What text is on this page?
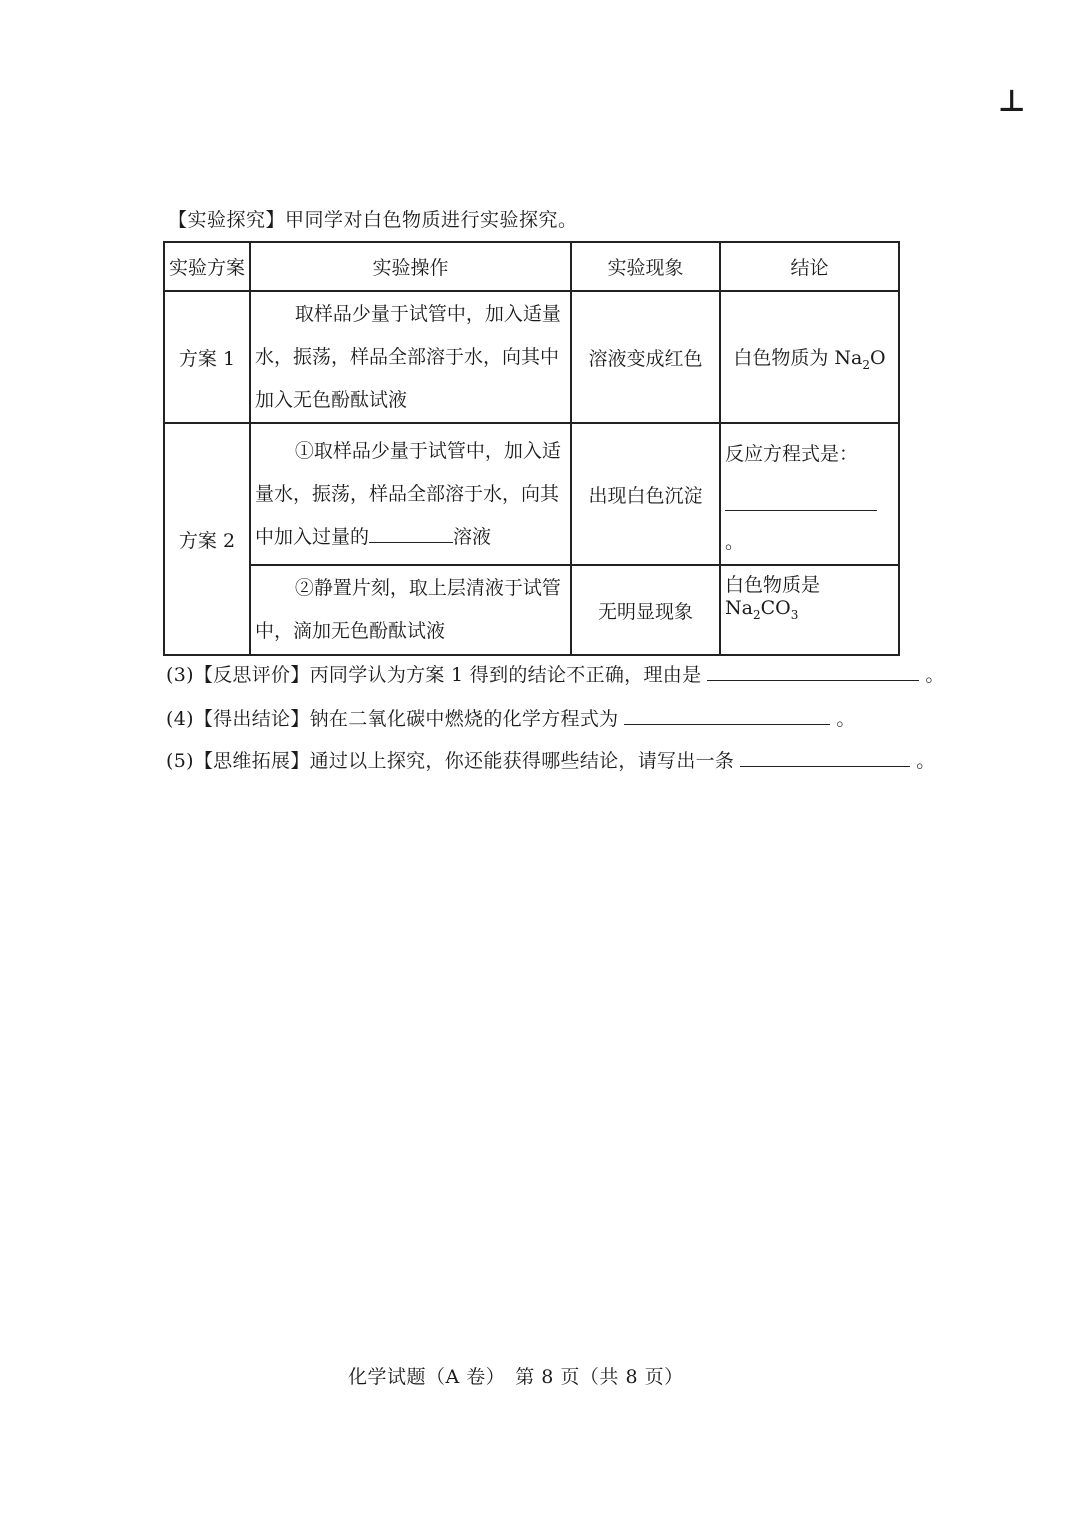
⊥
【实验探究】甲同学对白色物质进行实验探究。
实验方案	实验操作	实验现象	结论
方案 1	取样品少量于试管中，加入适量水，振荡，样品全部溶于水，向其中加入无色酚酞试液	溶液变成红色	白色物质为 $Na_2O$
方案 2	①取样品少量于试管中，加入适量水，振荡，样品全部溶于水，向其中加入过量的 溶液	出现白色沉淀	反应方程式是：
。

	②静置片刻，取上层清液于试管中，滴加无色酚酞试液	无明显现象	白色物质是 $Na_2CO_3$
(3)【反思评价】丙同学认为方案 1 得到的结论不正确，理由是	。
(4)【得出结论】钠在二氧化碳中燃烧的化学方程式为	。
(5)【思维拓展】通过以上探究，你还能获得哪些结论，请写出一条	。
化学试题（A 卷）　第 8 页（共 8 页）
